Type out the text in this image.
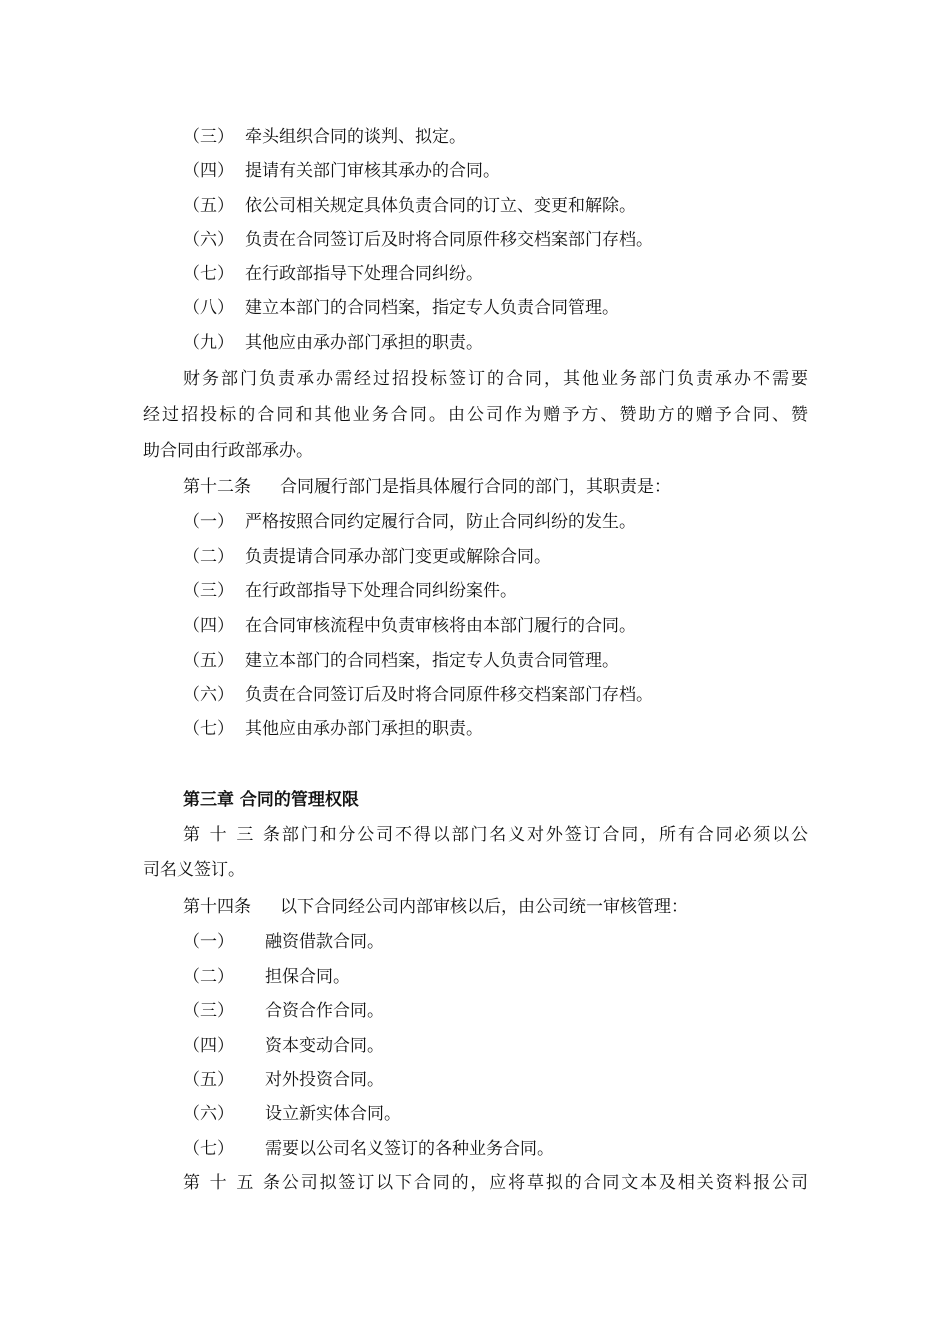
（三） 牵头组织合同的谈判、拟定。
（四） 提请有关部门审核其承办的合同。
（五） 依公司相关规定具体负责合同的订立、变更和解除。
（六） 负责在合同签订后及时将合同原件移交档案部门存档。
（七） 在行政部指导下处理合同纠纷。
（八） 建立本部门的合同档案，指定专人负责合同管理。
（九） 其他应由承办部门承担的职责。
财务部门负责承办需经过招投标签订的合同，其他业务部门负责承办不需要
经过招投标的合同和其他业务合同。由公司作为赠予方、赞助方的赠予合同、赞
助合同由行政部承办。
第十二条 合同履行部门是指具体履行合同的部门，其职责是：
（一） 严格按照合同约定履行合同，防止合同纠纷的发生。
（二） 负责提请合同承办部门变更或解除合同。
（三） 在行政部指导下处理合同纠纷案件。
（四） 在合同审核流程中负责审核将由本部门履行的合同。
（五） 建立本部门的合同档案，指定专人负责合同管理。
（六） 负责在合同签订后及时将合同原件移交档案部门存档。
（七） 其他应由承办部门承担的职责。
第三章 合同的管理权限
第十三条部门和分公司不得以部门名义对外签订合同，所有合同必须以公
司名义签订。
第十四条 以下合同经公司内部审核以后，由公司统一审核管理：
（一） 融资借款合同。
（二） 担保合同。
（三） 合资合作合同。
（四） 资本变动合同。
（五） 对外投资合同。
（六） 设立新实体合同。
（七） 需要以公司名义签订的各种业务合同。
第十五条公司拟签订以下合同的，应将草拟的合同文本及相关资料报公司
